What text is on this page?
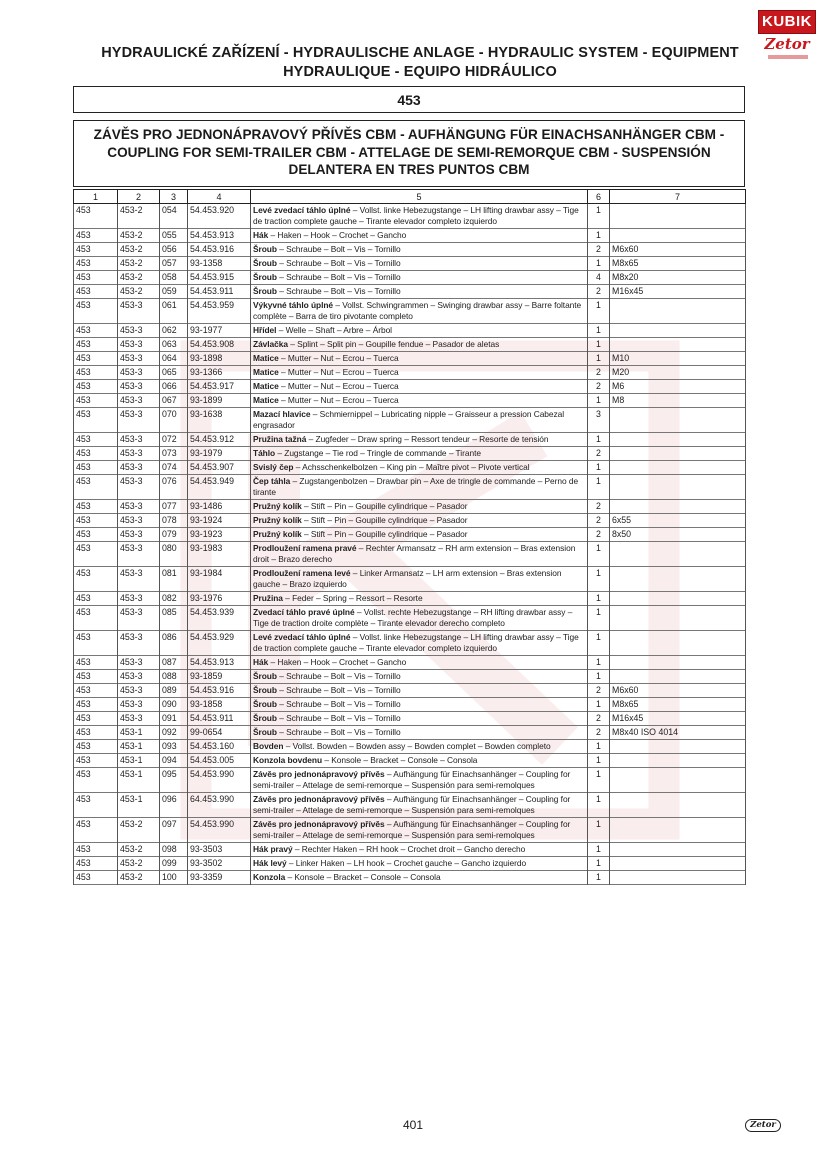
HYDRAULICKÉ ZAŘÍZENÍ - HYDRAULISCHE ANLAGE - HYDRAULIC SYSTEM - EQUIPMENT
HYDRAULIQUE - EQUIPO HIDRÁULICO
KUBIK
Zetor
453
ZÁVĚS PRO JEDNONÁPRAVOVÝ PŘÍVĚS CBM - AUFHÄNGUNG FÜR EINACHSANHÄNGER CBM -
COUPLING FOR SEMI-TRAILER CBM - ATTELAGE DE SEMI-REMORQUE CBM - SUSPENSIÓN
DELANTERA EN TRES PUNTOS CBM
1	2	3	4	5	6	7
453	453-2	054	54.453.920	Levé zvedací táhlo úplné – Vollst. linke Hebezugstange – LH lifting drawbar assy – Tige de traction complete gauche – Tirante elevador completo izquierdo	1	
453	453-2	055	54.453.913	Hák – Haken – Hook – Crochet – Gancho	1	
453	453-2	056	54.453.916	Šroub – Schraube – Bolt – Vis – Tornillo	2	M6x60
453	453-2	057	93-1358	Šroub – Schraube – Bolt – Vis – Tornillo	1	M8x65
453	453-2	058	54.453.915	Šroub – Schraube – Bolt – Vis – Tornillo	4	M8x20
453	453-2	059	54.453.911	Šroub – Schraube – Bolt – Vis – Tornillo	2	M16x45
453	453-3	061	54.453.959	Výkyvné táhlo úplné – Vollst. Schwingrammen – Swinging drawbar assy – Barre foltante complète – Barra de tiro pivotante completo	1	
453	453-3	062	93-1977	Hřídel – Welle – Shaft – Arbre – Árbol	1	
453	453-3	063	54.453.908	Závlačka – Splint – Split pin – Goupille fendue – Pasador de aletas	1	
453	453-3	064	93-1898	Matice – Mutter – Nut – Ecrou – Tuerca	1	M10
453	453-3	065	93-1366	Matice – Mutter – Nut – Ecrou – Tuerca	2	M20
453	453-3	066	54.453.917	Matice – Mutter – Nut – Ecrou – Tuerca	2	M6
453	453-3	067	93-1899	Matice – Mutter – Nut – Ecrou – Tuerca	1	M8
453	453-3	070	93-1638	Mazací hlavice – Schmiernippel – Lubricating nipple – Graisseur a pression Cabezal engrasador	3	
453	453-3	072	54.453.912	Pružina tažná – Zugfeder – Draw spring – Ressort tendeur – Resorte de tensión	1	
453	453-3	073	93-1979	Táhlo – Zugstange – Tie rod – Tringle de commande – Tirante	2	
453	453-3	074	54.453.907	Svislý čep – Achsschenkelbolzen – King pin – Maître pivot – Pivote vertical	1	
453	453-3	076	54.453.949	Čep táhla – Zugstangenbolzen – Drawbar pin – Axe de tringle de commande – Perno de tirante	1	
453	453-3	077	93-1486	Pružný kolík – Stift – Pin – Goupille cylindrique – Pasador	2	
453	453-3	078	93-1924	Pružný kolík – Stift – Pin – Goupille cylindrique – Pasador	2	6x55
453	453-3	079	93-1923	Pružný kolík – Stift – Pin – Goupille cylindrique – Pasador	2	8x50
453	453-3	080	93-1983	Prodloužení ramena pravé – Rechter Armansatz – RH arm extension – Bras extension droit – Brazo derecho	1	
453	453-3	081	93-1984	Prodloužení ramena levé – Linker Armansatz – LH arm extension – Bras extension gauche – Brazo izquierdo	1	
453	453-3	082	93-1976	Pružina – Feder – Spring – Ressort – Resorte	1	
453	453-3	085	54.453.939	Zvedací táhlo pravé úplné – Vollst. rechte Hebezugstange – RH lifting drawbar assy – Tige de traction droite complète – Tirante elevador derecho completo	1	
453	453-3	086	54.453.929	Levé zvedací táhlo úplné – Vollst. linke Hebezugstange – LH lifting drawbar assy – Tige de traction complete gauche – Tirante elevador completo izquierdo	1	
453	453-3	087	54.453.913	Hák – Haken – Hook – Crochet – Gancho	1	
453	453-3	088	93-1859	Šroub – Schraube – Bolt – Vis – Tornillo	1	
453	453-3	089	54.453.916	Šroub – Schraube – Bolt – Vis – Tornillo	2	M6x60
453	453-3	090	93-1858	Šroub – Schraube – Bolt – Vis – Tornillo	1	M8x65
453	453-3	091	54.453.911	Šroub – Schraube – Bolt – Vis – Tornillo	2	M16x45
453	453-1	092	99-0654	Šroub – Schraube – Bolt – Vis – Tornillo	2	M8x40 ISO 4014
453	453-1	093	54.453.160	Bovden – Vollst. Bowden – Bowden assy – Bowden complet – Bowden completo	1	
453	453-1	094	54.453.005	Konzola bovdenu – Konsole – Bracket – Console – Consola	1	
453	453-1	095	54.453.990	Závěs pro jednonápravový přívěs – Aufhängung für Einachsanhänger – Coupling for semi-trailer – Attelage de semi-remorque – Suspensión para semi-remolques	1	
453	453-1	096	64.453.990	Závěs pro jednonápravový přívěs – Aufhängung für Einachsanhänger – Coupling for semi-trailer – Attelage de semi-remorque – Suspensión para semi-remolques	1	
453	453-2	097	54.453.990	Závěs pro jednonápravový přívěs – Aufhängung für Einachsanhänger – Coupling for semi-trailer – Attelage de semi-remorque – Suspensión para semi-remolques	1	
453	453-2	098	93-3503	Hák pravý – Rechter Haken – RH hook – Crochet droit – Gancho derecho	1	
453	453-2	099	93-3502	Hák levý – Linker Haken – LH hook – Crochet gauche – Gancho izquierdo	1	
453	453-2	100	93-3359	Konzola – Konsole – Bracket – Console – Consola	1	
401	Zetor
